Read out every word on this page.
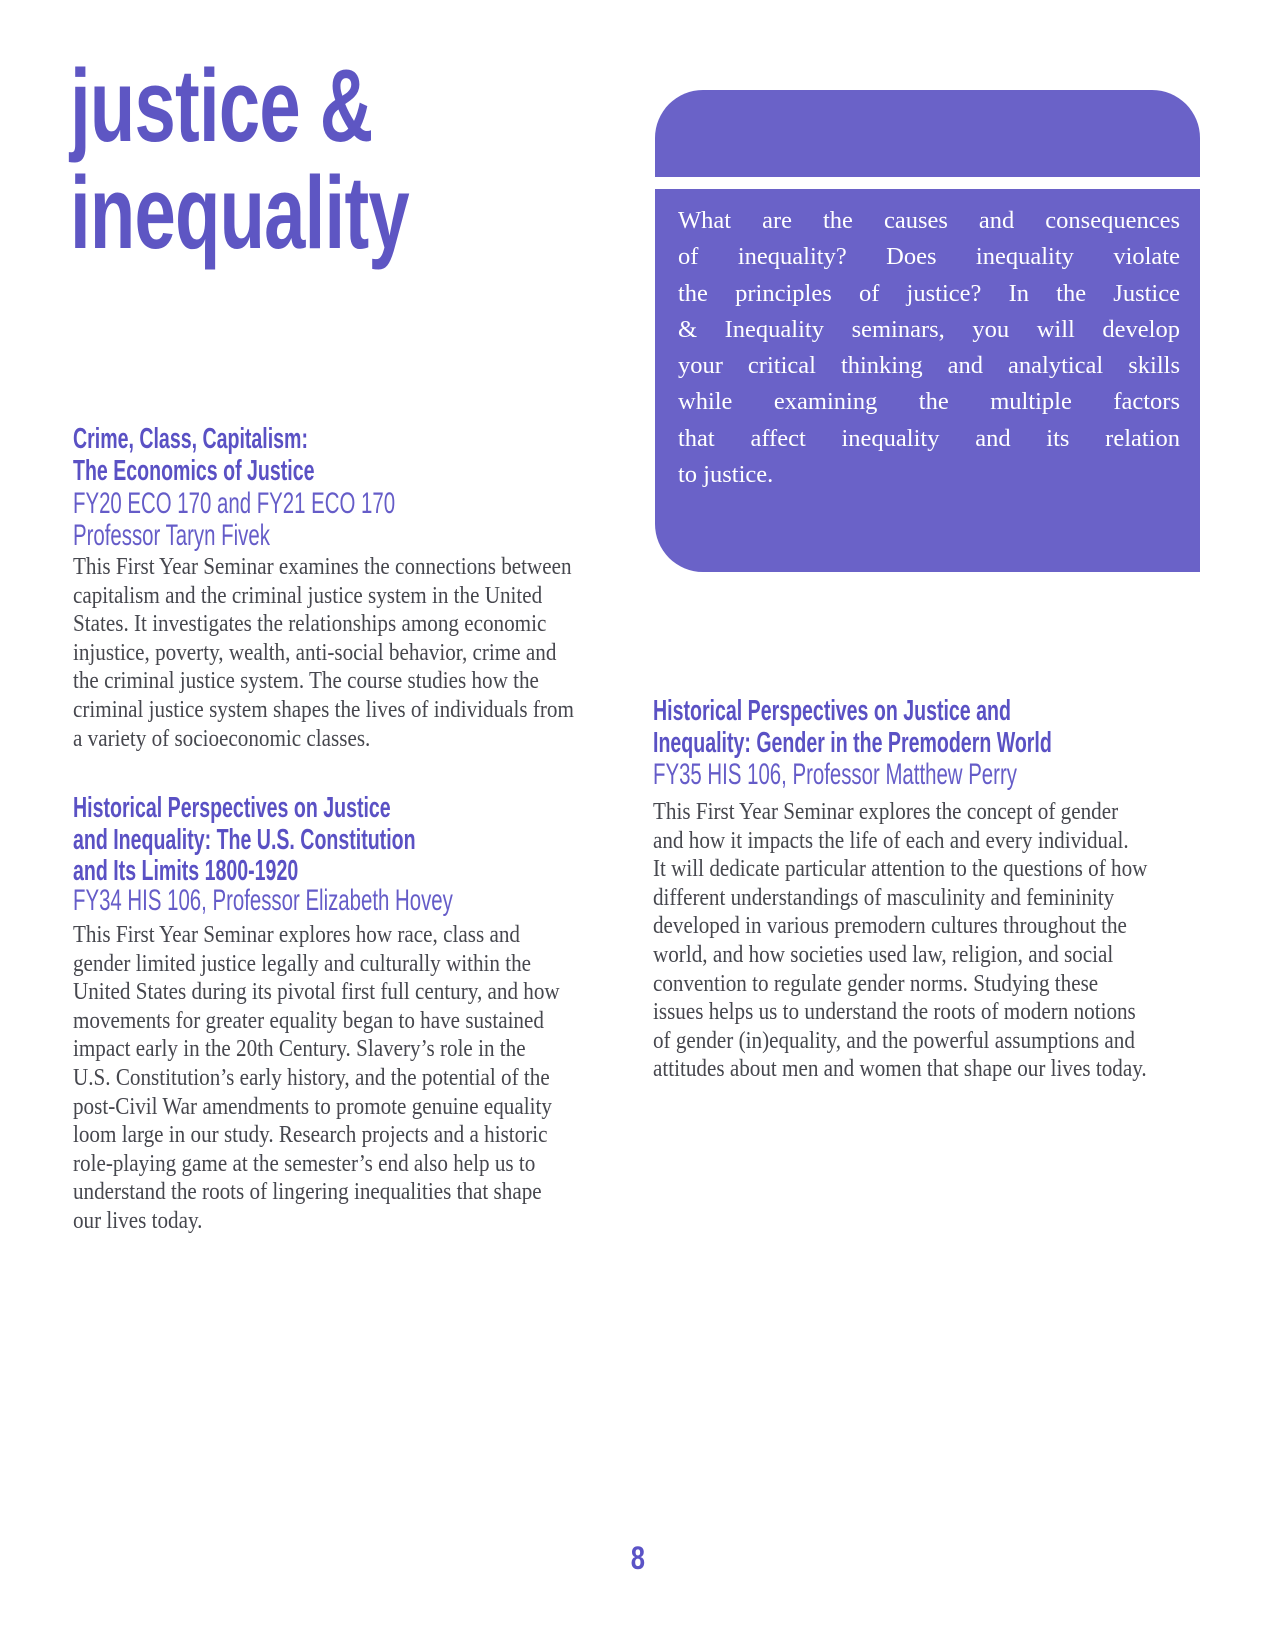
justice &
inequality	What are the causes and consequences
of inequality? Does inequality violate
the principles of justice? In the Justice
& Inequality seminars, you will develop
your critical thinking and analytical skills
while examining the multiple factors
that affect inequality and its relation
to justice.
Crime, Class, Capitalism:
The Economics of Justice
FY20 ECO 170 and FY21 ECO 170
Professor Taryn Fivek
This First Year Seminar examines the connections between
capitalism and the criminal justice system in the United
States. It investigates the relationships among economic
injustice, poverty, wealth, anti-social behavior, crime and
the criminal justice system. The course studies how the
criminal justice system shapes the lives of individuals from
a variety of socioeconomic classes.
Historical Perspectives on Justice
and Inequality: The U.S. Constitution
and Its Limits 1800-1920
FY34 HIS 106, Professor Elizabeth Hovey
This First Year Seminar explores how race, class and
gender limited justice legally and culturally within the
United States during its pivotal first full century, and how
movements for greater equality began to have sustained
impact early in the 20th Century. Slavery’s role in the
U.S. Constitution’s early history, and the potential of the
post-Civil War amendments to promote genuine equality
loom large in our study. Research projects and a historic
role-playing game at the semester’s end also help us to
understand the roots of lingering inequalities that shape
our lives today.
Historical Perspectives on Justice and
Inequality: Gender in the Premodern World
FY35 HIS 106, Professor Matthew Perry
This First Year Seminar explores the concept of gender
and how it impacts the life of each and every individual.
It will dedicate particular attention to the questions of how
different understandings of masculinity and femininity
developed in various premodern cultures throughout the
world, and how societies used law, religion, and social
convention to regulate gender norms. Studying these
issues helps us to understand the roots of modern notions
of gender (in)equality, and the powerful assumptions and
attitudes about men and women that shape our lives today.
8
